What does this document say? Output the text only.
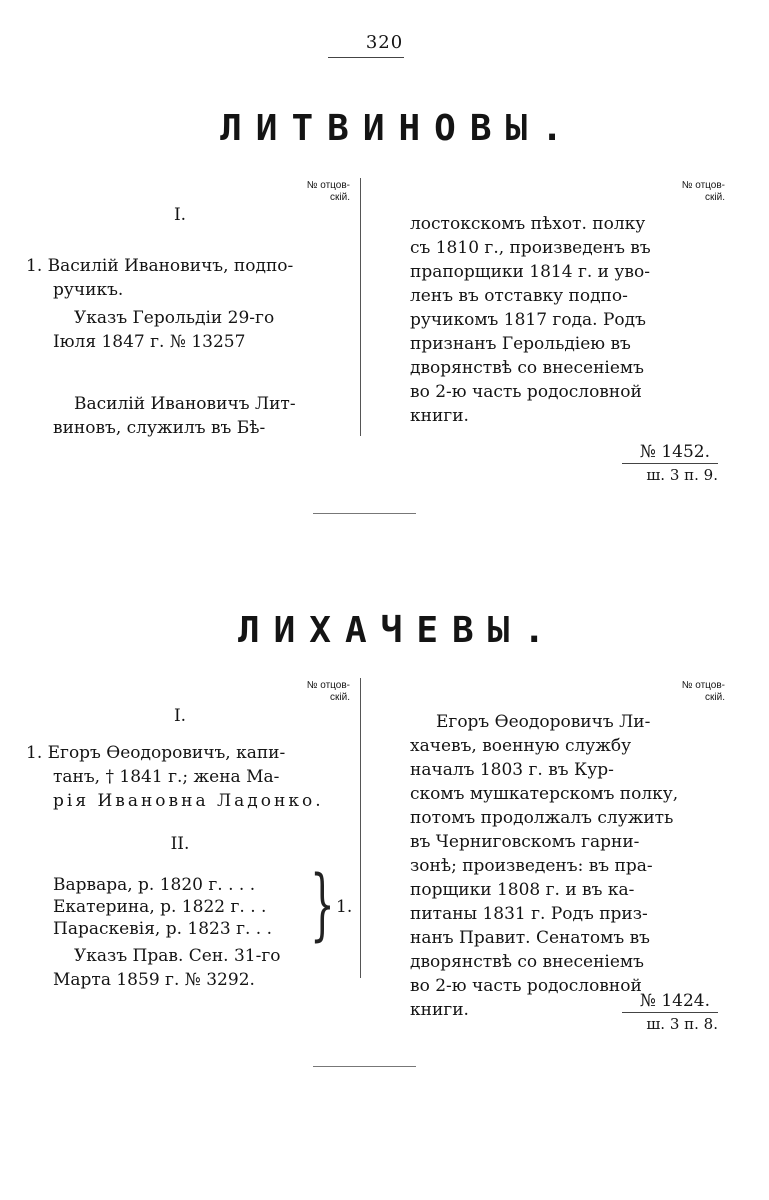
320
ЛИТВИНОВЫ.
№ отцов-
скій.
№ отцов-
скій.
I.
1. Василій Ивановичъ, подпо-
ручикъ.
Указъ Герольдіи 29-го
Іюля 1847 г. № 13257
Василій Ивановичъ Лит-
виновъ, служилъ въ Бѣ-
лостокскомъ пѣхот. полку
съ 1810 г., произведенъ въ
прапорщики 1814 г. и уво-
ленъ въ отставку подпо-
ручикомъ 1817 года. Родъ
признанъ Герольдіею въ
дворянствѣ со внесеніемъ
во 2-ю часть родословной
книги.
№ 1452.
ш. 3 п. 9.
ЛИХАЧЕВЫ.
№ отцов-
скій.
№ отцов-
скій.
I.
1. Егоръ Ѳеодоровичъ, капи-
танъ, † 1841 г.; жена Ма-
рія Ивановна Ладонко.
II.
Варвара, р. 1820 г. . . .
Екатерина, р. 1822 г. . .
Параскевія, р. 1823 г. . . } 1.
Указъ Прав. Сен. 31-го
Марта 1859 г. № 3292.
Егоръ Ѳеодоровичъ Ли-
хачевъ, военную службу
началъ 1803 г. въ Кур-
скомъ мушкатерскомъ полку,
потомъ продолжалъ служить
въ Черниговскомъ гарни-
зонѣ; произведенъ: въ пра-
порщики 1808 г. и въ ка-
питаны 1831 г. Родъ приз-
нанъ Правит. Сенатомъ въ
дворянствѣ со внесеніемъ
во 2-ю часть родословной
книги.	№ 1424.
ш. 3 п. 8.
